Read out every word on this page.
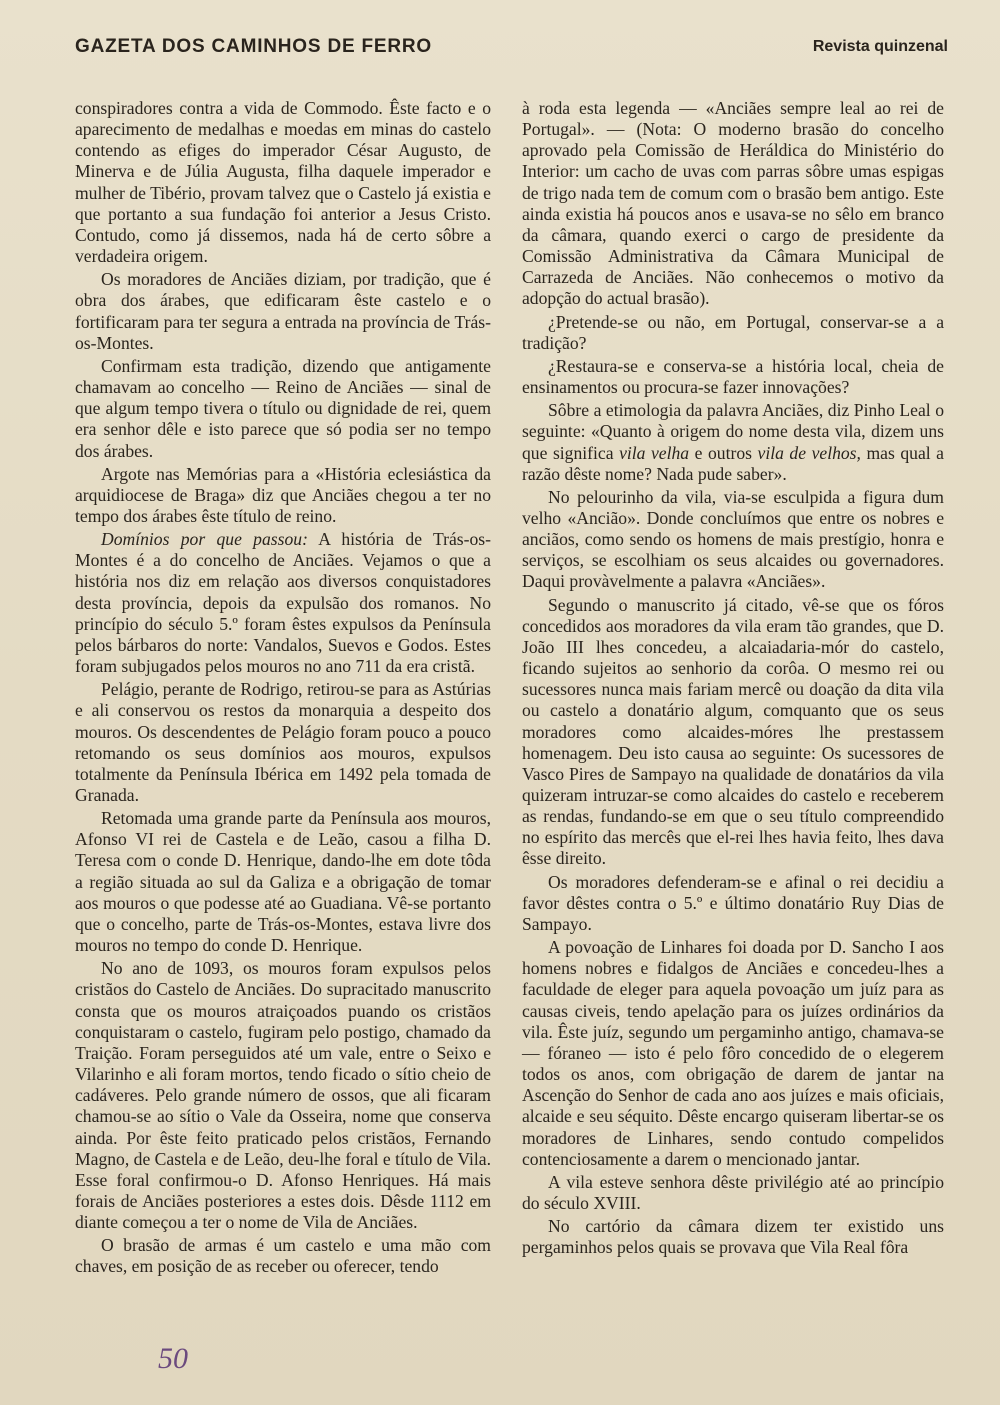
GAZETA DOS CAMINHOS DE FERRO	Revista quinzenal

conspiradores contra a vida de Commodo. Êste facto e o aparecimento de medalhas e moedas em minas do castelo contendo as efiges do imperador César Augusto, de Minerva e de Júlia Augusta, filha daquele imperador e mulher de Tibério, provam talvez que o Castelo já existia e que portanto a sua fundação foi anterior a Jesus Cristo. Contudo, como já dissemos, nada há de certo sôbre a verdadeira origem.

Os moradores de Anciães diziam, por tradição, que é obra dos árabes, que edificaram êste castelo e o fortificaram para ter segura a entrada na província de Trás-os-Montes.

Confirmam esta tradição, dizendo que antigamente chamavam ao concelho — Reino de Anciães — sinal de que algum tempo tivera o título ou dignidade de rei, quem era senhor dêle e isto parece que só podia ser no tempo dos árabes.

Argote nas Memórias para a «História eclesiástica da arquidiocese de Braga» diz que Anciães chegou a ter no tempo dos árabes êste título de reino.

Domínios por que passou: A história de Trás-os-Montes é a do concelho de Anciães. Vejamos o que a história nos diz em relação aos diversos conquistadores desta província, depois da expulsão dos romanos. No princípio do século 5.º foram êstes expulsos da Península pelos bárbaros do norte: Vandalos, Suevos e Godos. Estes foram subjugados pelos mouros no ano 711 da era cristã.

Pelágio, perante de Rodrigo, retirou-se para as Astúrias e ali conservou os restos da monarquia a despeito dos mouros. Os descendentes de Pelágio foram pouco a pouco retomando os seus domínios aos mouros, expulsos totalmente da Península Ibérica em 1492 pela tomada de Granada.

Retomada uma grande parte da Península aos mouros, Afonso VI rei de Castela e de Leão, casou a filha D. Teresa com o conde D. Henrique, dando-lhe em dote tôda a região situada ao sul da Galiza e a obrigação de tomar aos mouros o que podesse até ao Guadiana. Vê-se portanto que o concelho, parte de Trás-os-Montes, estava livre dos mouros no tempo do conde D. Henrique.

No ano de 1093, os mouros foram expulsos pelos cristãos do Castelo de Anciães. Do supracitado manuscrito consta que os mouros atraiçoados puando os cristãos conquistaram o castelo, fugiram pelo postigo, chamado da Traição. Foram perseguidos até um vale, entre o Seixo e Vilarinho e ali foram mortos, tendo ficado o sítio cheio de cadáveres. Pelo grande número de ossos, que ali ficaram chamou-se ao sítio o Vale da Osseira, nome que conserva ainda. Por êste feito praticado pelos cristãos, Fernando Magno, de Castela e de Leão, deu-lhe foral e título de Vila. Esse foral confirmou-o D. Afonso Henriques. Há mais forais de Anciães posteriores a estes dois. Dêsde 1112 em diante começou a ter o nome de Vila de Anciães.

O brasão de armas é um castelo e uma mão com chaves, em posição de as receber ou oferecer, tendo

à roda esta legenda — «Anciães sempre leal ao rei de Portugal». — (Nota: O moderno brasão do concelho aprovado pela Comissão de Heráldica do Ministério do Interior: um cacho de uvas com parras sôbre umas espigas de trigo nada tem de comum com o brasão bem antigo. Este ainda existia há poucos anos e usava-se no sêlo em branco da câmara, quando exerci o cargo de presidente da Comissão Administrativa da Câmara Municipal de Carrazeda de Anciães. Não conhecemos o motivo da adopção do actual brasão).

¿Pretende-se ou não, em Portugal, conservar-se a a tradição?

¿Restaura-se e conserva-se a história local, cheia de ensinamentos ou procura-se fazer innovações?

Sôbre a etimologia da palavra Anciães, diz Pinho Leal o seguinte: «Quanto à origem do nome desta vila, dizem uns que significa vila velha e outros vila de velhos, mas qual a razão dêste nome? Nada pude saber».

No pelourinho da vila, via-se esculpida a figura dum velho «Ancião». Donde concluímos que entre os nobres e anciãos, como sendo os homens de mais prestígio, honra e serviços, se escolhiam os seus alcaides ou governadores. Daqui provàvelmente a palavra «Anciães».

Segundo o manuscrito já citado, vê-se que os fóros concedidos aos moradores da vila eram tão grandes, que D. João III lhes concedeu, a alcaiadaria-mór do castelo, ficando sujeitos ao senhorio da corôa. O mesmo rei ou sucessores nunca mais fariam mercê ou doação da dita vila ou castelo a donatário algum, comquanto que os seus moradores como alcaides-móres lhe prestassem homenagem. Deu isto causa ao seguinte: Os sucessores de Vasco Pires de Sampayo na qualidade de donatários da vila quizeram intruzar-se como alcaides do castelo e receberem as rendas, fundando-se em que o seu título compreendido no espírito das mercês que el-rei lhes havia feito, lhes dava êsse direito.

Os moradores defenderam-se e afinal o rei decidiu a favor dêstes contra o 5.º e último donatário Ruy Dias de Sampayo.

A povoação de Linhares foi doada por D. Sancho I aos homens nobres e fidalgos de Anciães e concedeu-lhes a faculdade de eleger para aquela povoação um juíz para as causas civeis, tendo apelação para os juízes ordinários da vila. Êste juíz, segundo um pergaminho antigo, chamava-se — fóraneo — isto é pelo fôro concedido de o elegerem todos os anos, com obrigação de darem de jantar na Ascenção do Senhor de cada ano aos juízes e mais oficiais, alcaide e seu séquito. Dêste encargo quiseram libertar-se os moradores de Linhares, sendo contudo compelidos contenciosamente a darem o mencionado jantar.

A vila esteve senhora dêste privilégio até ao princípio do século XVIII.

No cartório da câmara dizem ter existido uns pergaminhos pelos quais se provava que Vila Real fôra

50
